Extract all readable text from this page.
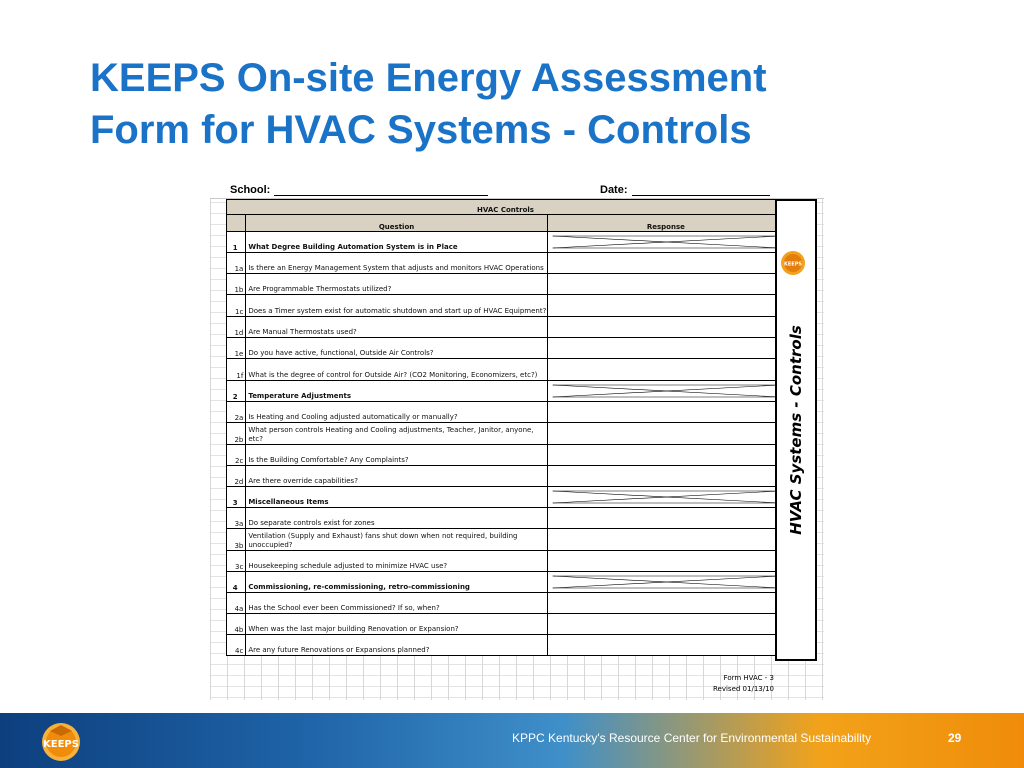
KEEPS On-site Energy Assessment
Form for HVAC Systems - Controls
School:	Date:
HVAC Controls		
	Question	Response
1	What Degree Building Automation System is in Place	

1a	Is there an Energy Management System that adjusts and monitors HVAC Operations	
1b	Are Programmable Thermostats utilized?	
1c	Does a Timer system exist for automatic shutdown and start up of HVAC Equipment?	
1d	Are Manual Thermostats used?	
1e	Do you have active, functional, Outside Air Controls?	
1f	What is the degree of control for Outside Air? (CO2 Monitoring, Economizers, etc?)	
2	Temperature Adjustments	

2a	Is Heating and Cooling adjusted automatically or manually?	
2b	What person controls Heating and Cooling adjustments, Teacher, Janitor, anyone, etc?	
2c	Is the Building Comfortable? Any Complaints?	
2d	Are there override capabilities?	
3	Miscellaneous Items	

3a	Do separate controls exist for zones	
3b	Ventilation (Supply and Exhaust) fans shut down when not required, building unoccupied?	
3c	Housekeeping schedule adjusted to minimize HVAC use?	
4	Commissioning, re-commissioning, retro-commissioning	

4a	Has the School ever been Commissioned? If so, when?	
4b	When was the last major building Renovation or Expansion?	
4c	Are any future Renovations or Expansions planned?	
KEEPS
HVAC Systems - Controls
Form HVAC - 3
Revised 01/13/10
KEEPS	KPPC Kentucky's Resource Center for Environmental Sustainability	29
